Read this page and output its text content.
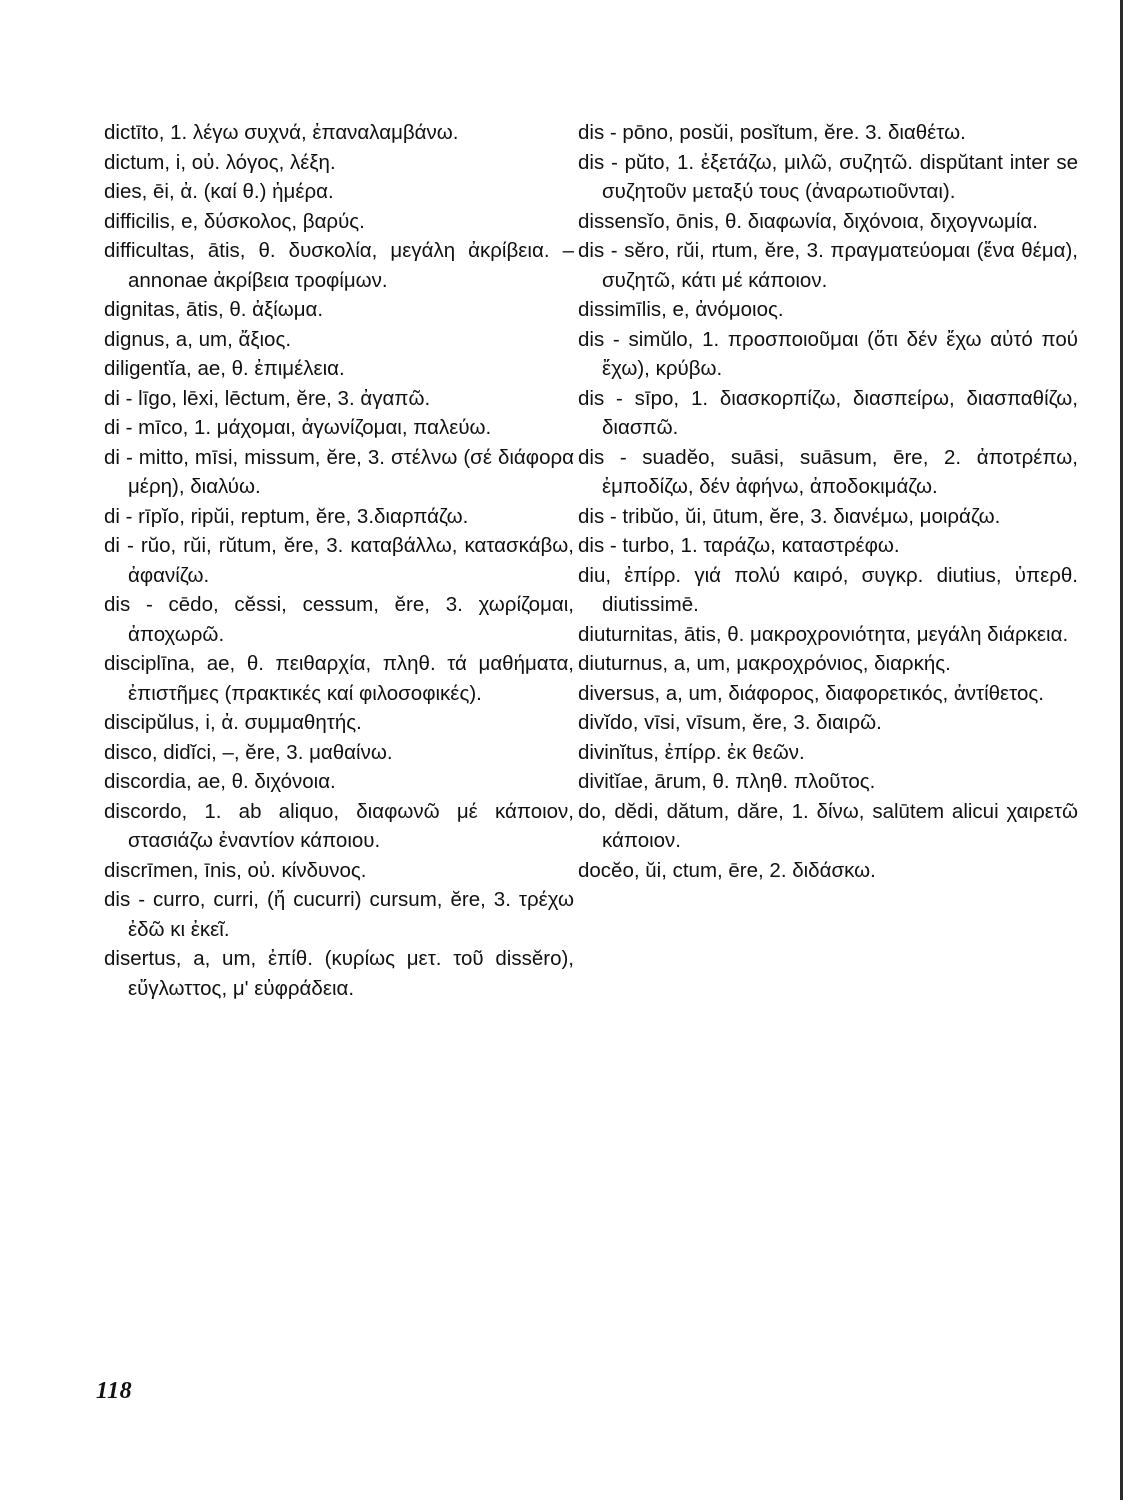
dictīto, 1. λέγω συχνά, ἐπαναλαμβάνω.

dictum, i, οὐ. λόγος, λέξη.

dies, ēi, ἀ. (καί θ.) ἡμέρα.

difficilis, e, δύσκολος, βαρύς.

difficultas, ātis, θ. δυσκολία, μεγάλη ἀκρίβεια. – annonae ἀκρίβεια τροφίμων.

dignitas, ātis, θ. ἀξίωμα.

dignus, a, um, ἄξιος.

diligentĭa, ae, θ. ἐπιμέλεια.

di - līgo, lēxi, lēctum, ĕre, 3. ἀγαπῶ.

di - mīco, 1. μάχομαι, ἀγωνίζομαι, παλεύω.

di - mitto, mīsi, missum, ĕre, 3. στέλνω (σέ διάφορα μέρη), διαλύω.

di - rīpĭo, ripŭi, reptum, ĕre, 3.διαρπάζω.

di - rŭo, rŭi, rŭtum, ĕre, 3. καταβάλλω, κατασκάβω, ἀφανίζω.

dis - cēdo, cĕssi, cessum, ĕre, 3. χωρίζομαι, ἀποχωρῶ.

disciplīna, ae, θ. πειθαρχία, πληθ. τά μαθήματα, ἐπιστῆμες (πρακτικές καί φιλοσοφικές).

discipŭlus, i, ἀ. συμμαθητής.

disco, didĭci, –, ĕre, 3. μαθαίνω.

discordia, ae, θ. διχόνοια.

discordo, 1. ab aliquo, διαφωνῶ μέ κάποιον, στασιάζω ἐναντίον κάποιου.

discrīmen, īnis, οὐ. κίνδυνος.

dis - curro, curri, (ἤ cucurri) cursum, ĕre, 3. τρέχω ἐδῶ κι ἐκεῖ.

disertus, a, um, ἐπίθ. (κυρίως μετ. τοῦ dissĕro), εὔγλωττος, μ' εὐφράδεια.

dis - pōno, posŭi, posĭtum, ĕre. 3. διαθέτω.

dis - pŭto, 1. ἐξετάζω, μιλῶ, συζητῶ. dispŭtant inter se συζητοῦν μεταξύ τους (ἀναρωτιοῦνται).

dissensĭo, ōnis, θ. διαφωνία, διχόνοια, διχογνωμία.

dis - sĕro, rŭi, rtum, ĕre, 3. πραγματεύομαι (ἕνα θέμα), συζητῶ, κάτι μέ κάποιον.

dissimīlis, e, ἀνόμοιος.

dis - simŭlo, 1. προσποιοῦμαι (ὅτι δέν ἔχω αὐτό πού ἔχω), κρύβω.

dis - sīpo, 1. διασκορπίζω, διασπείρω, διασπαθίζω, διασπῶ.

dis - suadĕo, suāsi, suāsum, ēre, 2. ἀποτρέπω, ἐμποδίζω, δέν ἀφήνω, ἀποδοκιμάζω.

dis - tribŭo, ŭi, ūtum, ĕre, 3. διανέμω, μοιράζω.

dis - turbo, 1. ταράζω, καταστρέφω.

diu, ἐπίρρ. γιά πολύ καιρό, συγκρ. diutius, ὑπερθ. diutissimē.

diuturnitas, ātis, θ. μακροχρονιότητα, μεγάλη διάρκεια.

diuturnus, a, um, μακροχρόνιος, διαρκής.

diversus, a, um, διάφορος, διαφορετικός, ἀντίθετος.

divĭdo, vīsi, vīsum, ĕre, 3. διαιρῶ.

divinĭtus, ἐπίρρ. ἐκ θεῶν.

divitĭae, ārum, θ. πληθ. πλοῦτος.

do, dĕdi, dătum, dăre, 1. δίνω, salūtem alicui χαιρετῶ κάποιον.

docĕo, ŭi, ctum, ēre, 2. διδάσκω.

118
